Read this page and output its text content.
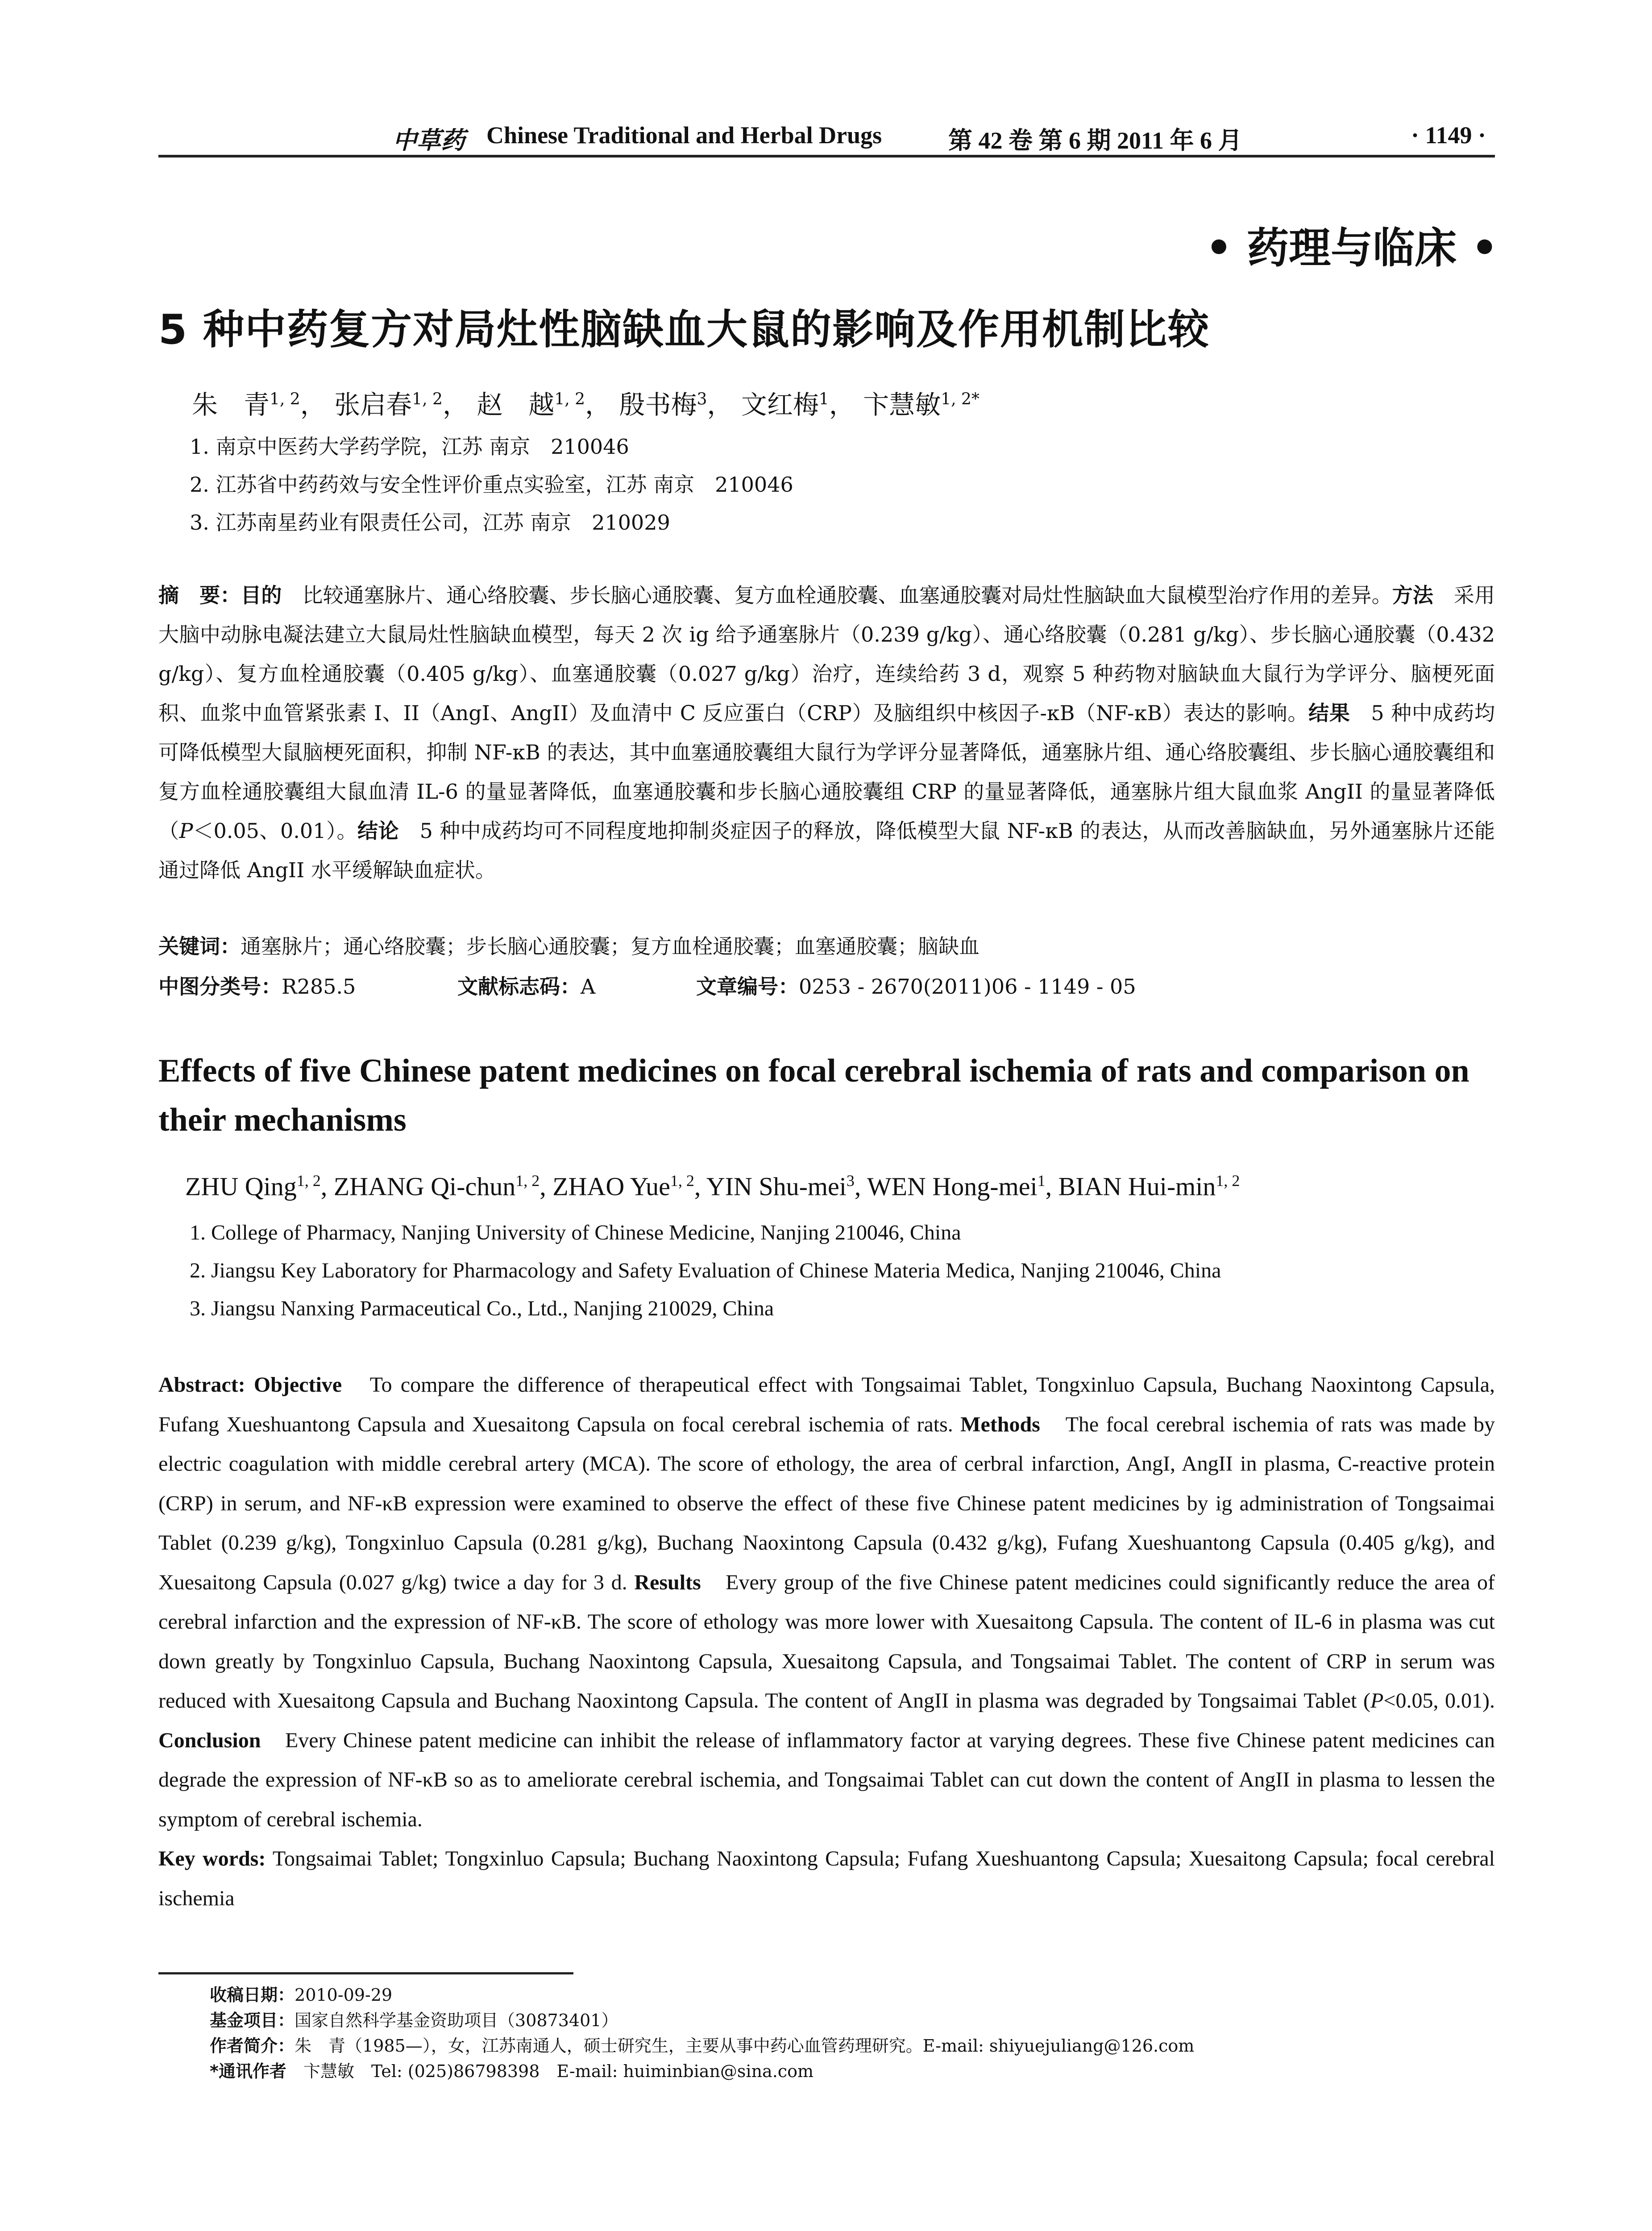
中草药 Chinese Traditional and Herbal Drugs	第 42 卷 第 6 期 2011 年 6 月	· 1149 ·
• 药理与临床 •
5 种中药复方对局灶性脑缺血大鼠的影响及作用机制比较
朱　青$^{1, 2}$， 张启春$^{1, 2}$， 赵　越$^{1, 2}$， 殷书梅$^3$， 文红梅$^1$， 卞慧敏$^{1, 2*}$
1. 南京中医药大学药学院，江苏 南京　210046
2. 江苏省中药药效与安全性评价重点实验室，江苏 南京　210046
3. 江苏南星药业有限责任公司，江苏 南京　210029
摘　要：目的　比较通塞脉片、通心络胶囊、步长脑心通胶囊、复方血栓通胶囊、血塞通胶囊对局灶性脑缺血大鼠模型治疗作用的差异。方法　采用大脑中动脉电凝法建立大鼠局灶性脑缺血模型，每天 2 次 ig 给予通塞脉片（0.239 g/kg）、通心络胶囊（0.281 g/kg）、步长脑心通胶囊（0.432 g/kg）、复方血栓通胶囊（0.405 g/kg）、血塞通胶囊（0.027 g/kg）治疗，连续给药 3 d，观察 5 种药物对脑缺血大鼠行为学评分、脑梗死面积、血浆中血管紧张素 I、II（AngI、AngII）及血清中 C 反应蛋白（CRP）及脑组织中核因子-κB（NF-κB）表达的影响。结果　5 种中成药均可降低模型大鼠脑梗死面积，抑制 NF-κB 的表达，其中血塞通胶囊组大鼠行为学评分显著降低，通塞脉片组、通心络胶囊组、步长脑心通胶囊组和复方血栓通胶囊组大鼠血清 IL-6 的量显著降低，血塞通胶囊和步长脑心通胶囊组 CRP 的量显著降低，通塞脉片组大鼠血浆 AngII 的量显著降低（P＜0.05、0.01）。结论　5 种中成药均可不同程度地抑制炎症因子的释放，降低模型大鼠 NF-κB 的表达，从而改善脑缺血，另外通塞脉片还能通过降低 AngII 水平缓解缺血症状。
关键词：通塞脉片；通心络胶囊；步长脑心通胶囊；复方血栓通胶囊；血塞通胶囊；脑缺血
中图分类号：R285.5	文献标志码：A	文章编号：0253 - 2670(2011)06 - 1149 - 05
Effects of five Chinese patent medicines on focal cerebral ischemia of rats and comparison on their mechanisms
ZHU Qing$^{1, 2}$, ZHANG Qi-chun$^{1, 2}$, ZHAO Yue$^{1, 2}$, YIN Shu-mei$^3$, WEN Hong-mei$^1$, BIAN Hui-$\min^{1, 2}$
1. College of Pharmacy, Nanjing University of Chinese Medicine, Nanjing 210046, China
2. Jiangsu Key Laboratory for Pharmacology and Safety Evaluation of Chinese Materia Medica, Nanjing 210046, China
3. Jiangsu Nanxing Parmaceutical Co., Ltd., Nanjing 210029, China
Abstract: Objective　To compare the difference of therapeutical effect with Tongsaimai Tablet, Tongxinluo Capsula, Buchang Naoxintong Capsula, Fufang Xueshuantong Capsula and Xuesaitong Capsula on focal cerebral ischemia of rats. Methods　The focal cerebral ischemia of rats was made by electric coagulation with middle cerebral artery (MCA). The score of ethology, the area of cerbral infarction, AngI, AngII in plasma, C-reactive protein (CRP) in serum, and NF-κB expression were examined to observe the effect of these five Chinese patent medicines by ig administration of Tongsaimai Tablet (0.239 g/kg), Tongxinluo Capsula (0.281 g/kg), Buchang Naoxintong Capsula (0.432 g/kg), Fufang Xueshuantong Capsula (0.405 g/kg), and Xuesaitong Capsula (0.027 g/kg) twice a day for 3 d. Results　Every group of the five Chinese patent medicines could significantly reduce the area of cerebral infarction and the expression of NF-κB. The score of ethology was more lower with Xuesaitong Capsula. The content of IL-6 in plasma was cut down greatly by Tongxinluo Capsula, Buchang Naoxintong Capsula, Xuesaitong Capsula, and Tongsaimai Tablet. The content of CRP in serum was reduced with Xuesaitong Capsula and Buchang Naoxintong Capsula. The content of AngII in plasma was degraded by Tongsaimai Tablet (P<0.05, 0.01). Conclusion　Every Chinese patent medicine can inhibit the release of inflammatory factor at varying degrees. These five Chinese patent medicines can degrade the expression of NF-κB so as to ameliorate cerebral ischemia, and Tongsaimai Tablet can cut down the content of AngII in plasma to lessen the symptom of cerebral ischemia.
Key words: Tongsaimai Tablet; Tongxinluo Capsula; Buchang Naoxintong Capsula; Fufang Xueshuantong Capsula; Xuesaitong Capsula; focal cerebral ischemia
收稿日期：2010-09-29
基金项目：国家自然科学基金资助项目（30873401）
作者简介：朱　青（1985—），女，江苏南通人，硕士研究生，主要从事中药心血管药理研究。E-mail: shiyuejuliang@126.com
*通讯作者　卞慧敏　Tel: (025)86798398　E-mail: huiminbian@sina.com
